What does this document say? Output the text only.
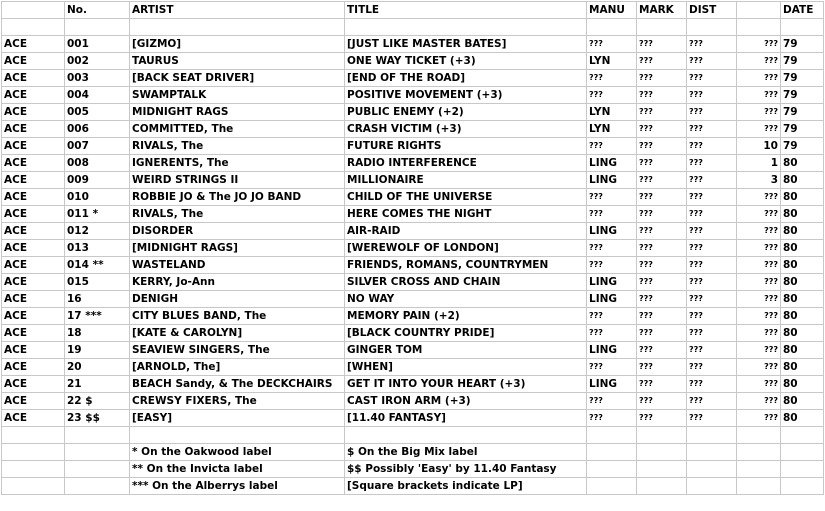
	No.	ARTIST	TITLE	MANU	MARK	DIST		DATE

ACE	001	[GIZMO]	[JUST LIKE MASTER BATES]	???	???	???	???	79
ACE	002	TAURUS	ONE WAY TICKET (+3)	LYN	???	???	???	79
ACE	003	[BACK SEAT DRIVER]	[END OF THE ROAD]	???	???	???	???	79
ACE	004	SWAMPTALK	POSITIVE MOVEMENT (+3)	???	???	???	???	79
ACE	005	MIDNIGHT RAGS	PUBLIC ENEMY (+2)	LYN	???	???	???	79
ACE	006	COMMITTED, The	CRASH VICTIM (+3)	LYN	???	???	???	79
ACE	007	RIVALS, The	FUTURE RIGHTS	???	???	???	10	79
ACE	008	IGNERENTS, The	RADIO INTERFERENCE	LING	???	???	1	80
ACE	009	WEIRD STRINGS II	MILLIONAIRE	LING	???	???	3	80
ACE	010	ROBBIE JO & The JO JO BAND	CHILD OF THE UNIVERSE	???	???	???	???	80
ACE	011 *	RIVALS, The	HERE COMES THE NIGHT	???	???	???	???	80
ACE	012	DISORDER	AIR-RAID	LING	???	???	???	80
ACE	013	[MIDNIGHT RAGS]	[WEREWOLF OF LONDON]	???	???	???	???	80
ACE	014 **	WASTELAND	FRIENDS, ROMANS, COUNTRYMEN	???	???	???	???	80
ACE	015	KERRY, Jo-Ann	SILVER CROSS AND CHAIN	LING	???	???	???	80
ACE	16	DENIGH	NO WAY	LING	???	???	???	80
ACE	17 ***	CITY BLUES BAND, The	MEMORY PAIN (+2)	???	???	???	???	80
ACE	18	[KATE & CAROLYN]	[BLACK COUNTRY PRIDE]	???	???	???	???	80
ACE	19	SEAVIEW SINGERS, The	GINGER TOM	LING	???	???	???	80
ACE	20	[ARNOLD, The]	[WHEN]	???	???	???	???	80
ACE	21	BEACH Sandy, & The DECKCHAIRS	GET IT INTO YOUR HEART (+3)	LING	???	???	???	80
ACE	22 $	CREWSY FIXERS, The	CAST IRON ARM (+3)	???	???	???	???	80
ACE	23 $$	[EASY]	[11.40 FANTASY]	???	???	???	???	80

		* On the Oakwood label	$ On the Big Mix label					
		** On the Invicta label	$$ Possibly 'Easy' by 11.40 Fantasy					
		*** On the Alberrys label	[Square brackets indicate LP]					
